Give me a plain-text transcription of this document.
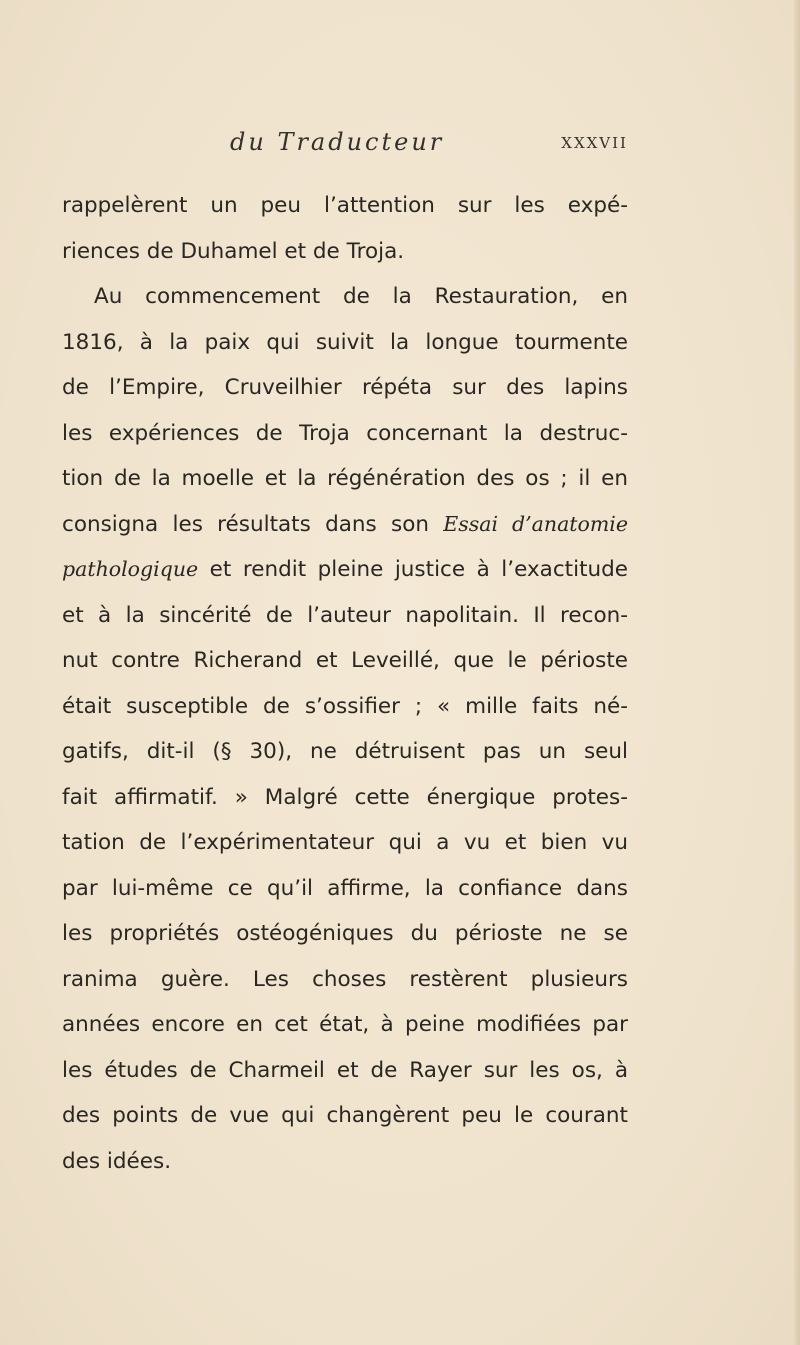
du Traducteur	XXXVII
rappelèrent un peu l’attention sur les expé-
riences de Duhamel et de Troja.
Au commencement de la Restauration, en
1816, à la paix qui suivit la longue tourmente
de l’Empire, Cruveilhier répéta sur des lapins
les expériences de Troja concernant la destruc-
tion de la moelle et la régénération des os ; il en
consigna les résultats dans son Essai d’anatomie
pathologique et rendit pleine justice à l’exactitude
et à la sincérité de l’auteur napolitain. Il recon-
nut contre Richerand et Leveillé, que le périoste
était susceptible de s’ossifier ; « mille faits né-
gatifs, dit-il (§ 30), ne détruisent pas un seul
fait affirmatif. » Malgré cette énergique protes-
tation de l’expérimentateur qui a vu et bien vu
par lui-même ce qu’il affirme, la confiance dans
les propriétés ostéogéniques du périoste ne se
ranima guère. Les choses restèrent plusieurs
années encore en cet état, à peine modifiées par
les études de Charmeil et de Rayer sur les os, à
des points de vue qui changèrent peu le courant
des idées.
